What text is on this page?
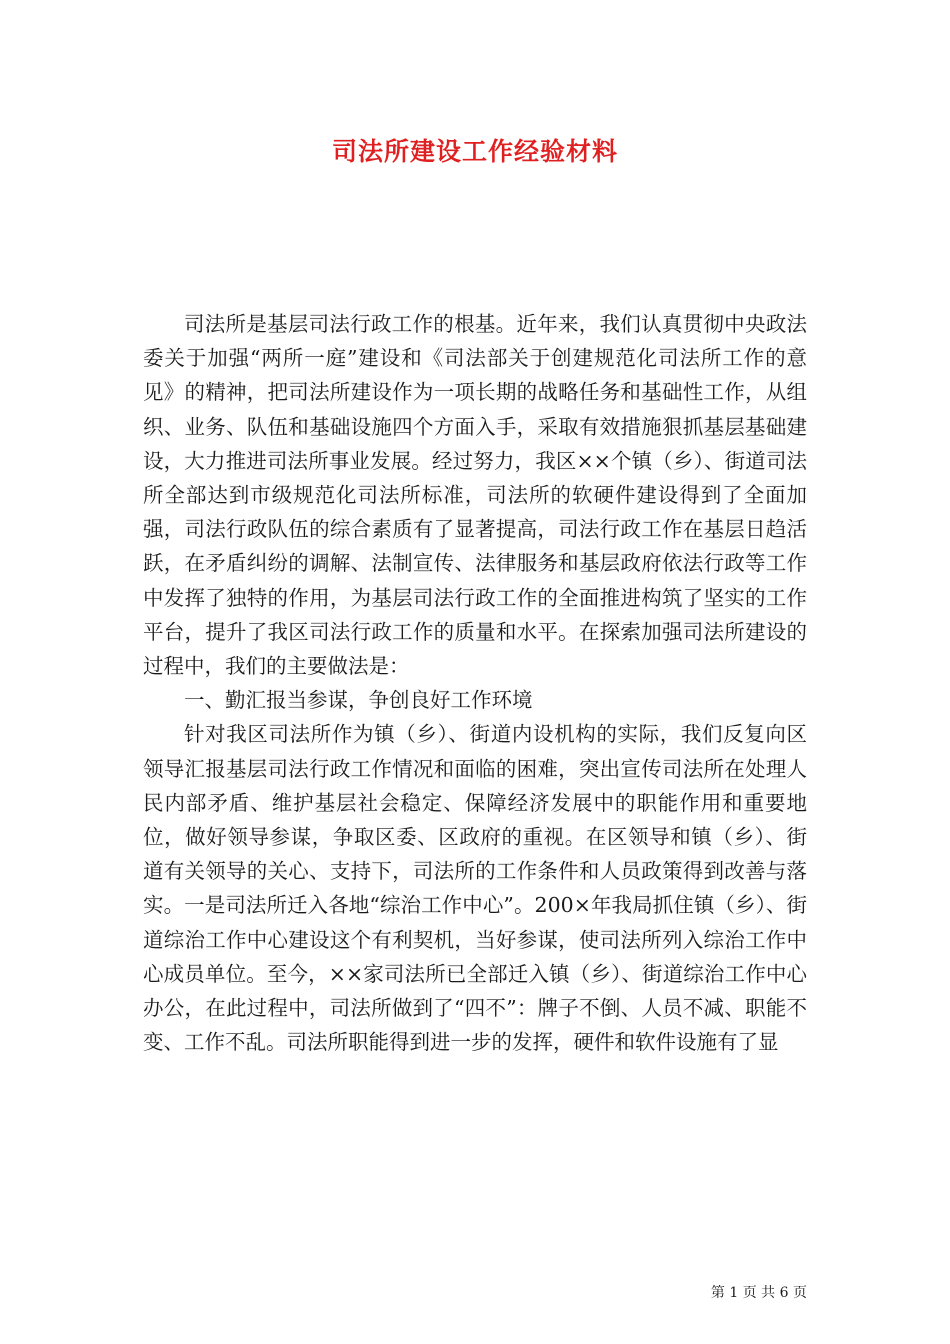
司法所建设工作经验材料

司法所是基层司法行政工作的根基。近年来，我们认真贯彻中央政法委关于加强“两所一庭”建设和《司法部关于创建规范化司法所工作的意见》的精神，把司法所建设作为一项长期的战略任务和基础性工作，从组织、业务、队伍和基础设施四个方面入手，采取有效措施狠抓基层基础建设，大力推进司法所事业发展。经过努力，我区××个镇（乡）、街道司法所全部达到市级规范化司法所标准，司法所的软硬件建设得到了全面加强，司法行政队伍的综合素质有了显著提高，司法行政工作在基层日趋活跃，在矛盾纠纷的调解、法制宣传、法律服务和基层政府依法行政等工作中发挥了独特的作用，为基层司法行政工作的全面推进构筑了坚实的工作平台，提升了我区司法行政工作的质量和水平。在探索加强司法所建设的过程中，我们的主要做法是：

一、勤汇报当参谋，争创良好工作环境

针对我区司法所作为镇（乡）、街道内设机构的实际，我们反复向区领导汇报基层司法行政工作情况和面临的困难，突出宣传司法所在处理人民内部矛盾、维护基层社会稳定、保障经济发展中的职能作用和重要地位，做好领导参谋，争取区委、区政府的重视。在区领导和镇（乡）、街道有关领导的关心、支持下，司法所的工作条件和人员政策得到改善与落实。一是司法所迁入各地“综治工作中心”。200×年我局抓住镇（乡）、街道综治工作中心建设这个有利契机，当好参谋，使司法所列入综治工作中心成员单位。至今，××家司法所已全部迁入镇（乡）、街道综治工作中心办公，在此过程中，司法所做到了“四不”：牌子不倒、人员不减、职能不变、工作不乱。司法所职能得到进一步的发挥，硬件和软件设施有了显

第 1 页 共 6 页
